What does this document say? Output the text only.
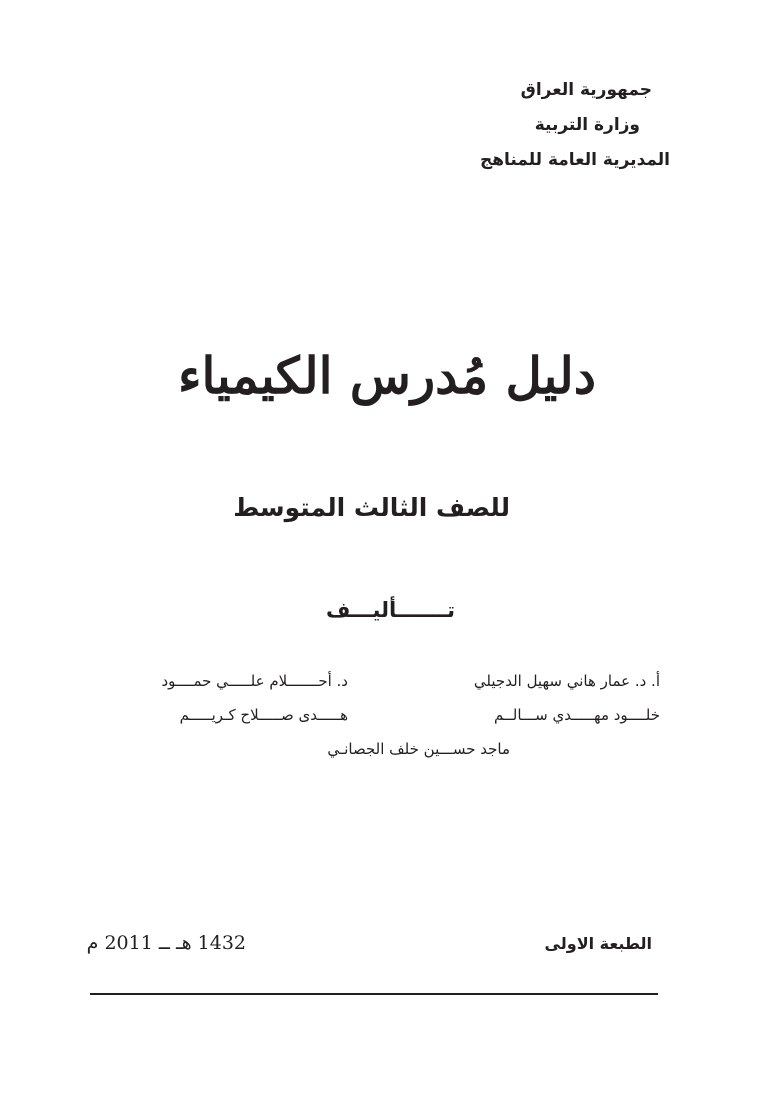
جمهورية العراق
وزارة التربية
المديرية العامة للمناهج
دليل مُدرس الكيمياء
للصف الثالث المتوسط
تـــــــأليـــف
أ. د. عمار هاني سهيل الدجيلي
خلــــود مهـــــدي ســـالــم
د. أحـــــــلام علـــــي حمــــود
هـــــدى صـــــلاح كـريـــــم
ماجد حســـين خلف الجصانـي
الطبعة الاولى
1432 هـ ــ 2011 م
